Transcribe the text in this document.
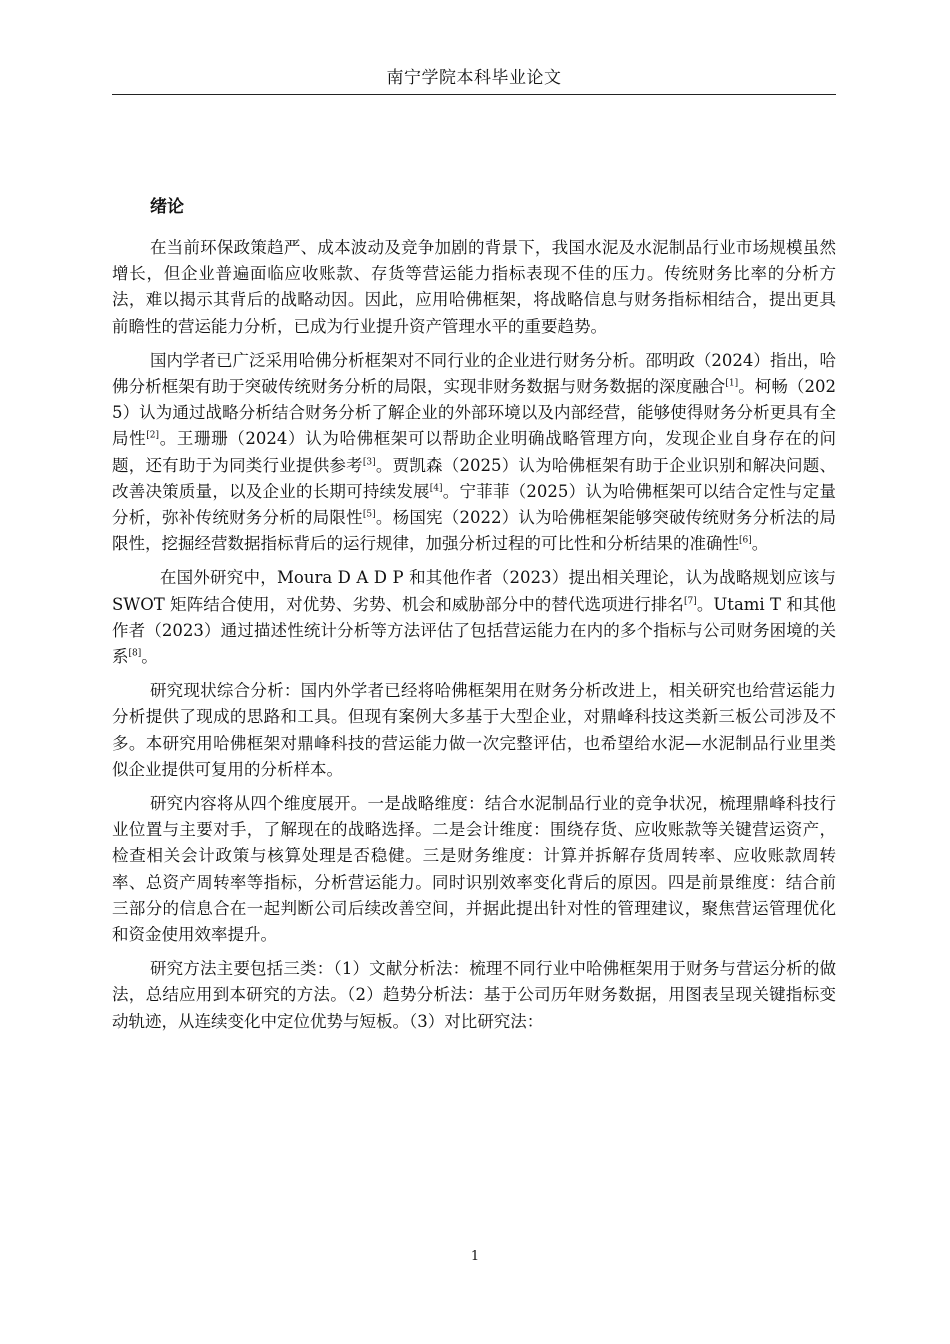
南宁学院本科毕业论文
绪论

在当前环保政策趋严、成本波动及竞争加剧的背景下，我国水泥及水泥制品行业市场规模虽然增长，但企业普遍面临应收账款、存货等营运能力指标表现不佳的压力。传统财务比率的分析方法，难以揭示其背后的战略动因。因此，应用哈佛框架，将战略信息与财务指标相结合，提出更具前瞻性的营运能力分析，已成为行业提升资产管理水平的重要趋势。

国内学者已广泛采用哈佛分析框架对不同行业的企业进行财务分析。邵明政（2024）指出，哈佛分析框架有助于突破传统财务分析的局限，实现非财务数据与财务数据的深度融合[1]。柯畅（2025）认为通过战略分析结合财务分析了解企业的外部环境以及内部经营，能够使得财务分析更具有全局性[2]。王珊珊（2024）认为哈佛框架可以帮助企业明确战略管理方向，发现企业自身存在的问题，还有助于为同类行业提供参考[3]。贾凯森（2025）认为哈佛框架有助于企业识别和解决问题、改善决策质量，以及企业的长期可持续发展[4]。宁菲菲（2025）认为哈佛框架可以结合定性与定量分析，弥补传统财务分析的局限性[5]。杨国宪（2022）认为哈佛框架能够突破传统财务分析法的局限性，挖掘经营数据指标背后的运行规律，加强分析过程的可比性和分析结果的准确性[6]。

在国外研究中，Moura D A D P 和其他作者（2023）提出相关理论，认为战略规划应该与 SWOT 矩阵结合使用，对优势、劣势、机会和威胁部分中的替代选项进行排名[7]。Utami T 和其他作者（2023）通过描述性统计分析等方法评估了包括营运能力在内的多个指标与公司财务困境的关系[8]。

研究现状综合分析：国内外学者已经将哈佛框架用在财务分析改进上，相关研究也给营运能力分析提供了现成的思路和工具。但现有案例大多基于大型企业，对鼎峰科技这类新三板公司涉及不多。本研究用哈佛框架对鼎峰科技的营运能力做一次完整评估，也希望给水泥—水泥制品行业里类似企业提供可复用的分析样本。

研究内容将从四个维度展开。一是战略维度：结合水泥制品行业的竞争状况，梳理鼎峰科技行业位置与主要对手，了解现在的战略选择。二是会计维度：围绕存货、应收账款等关键营运资产，检查相关会计政策与核算处理是否稳健。三是财务维度：计算并拆解存货周转率、应收账款周转率、总资产周转率等指标，分析营运能力。同时识别效率变化背后的原因。四是前景维度：结合前三部分的信息合在一起判断公司后续改善空间，并据此提出针对性的管理建议，聚焦营运管理优化和资金使用效率提升。

研究方法主要包括三类：（1）文献分析法：梳理不同行业中哈佛框架用于财务与营运分析的做法，总结应用到本研究的方法。（2）趋势分析法：基于公司历年财务数据，用图表呈现关键指标变动轨迹，从连续变化中定位优势与短板。（3）对比研究法：

1
